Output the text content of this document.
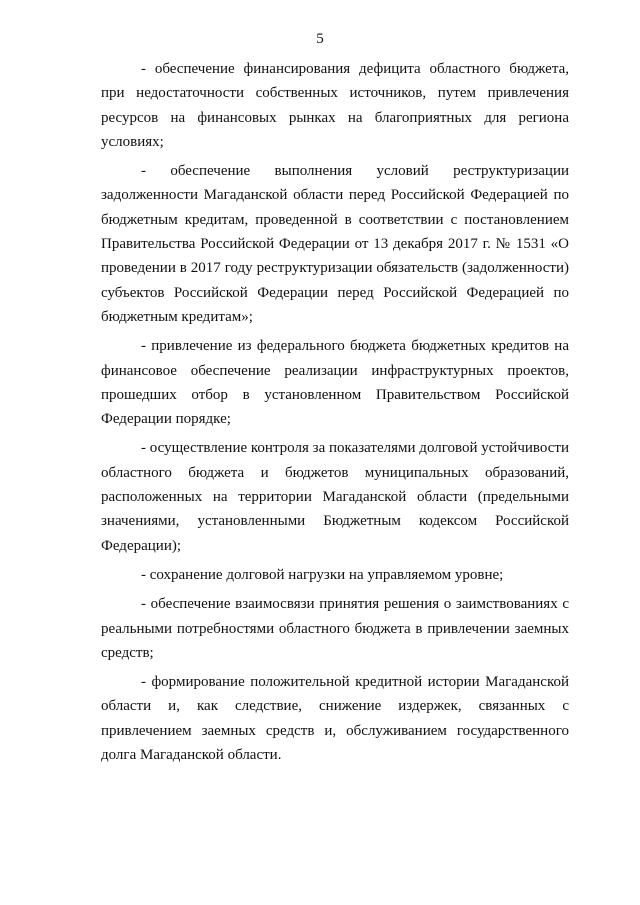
5

- обеспечение финансирования дефицита областного бюджета, при недостаточности собственных источников, путем привлечения ресурсов на финансовых рынках на благоприятных для региона условиях;

- обеспечение выполнения условий реструктуризации задолженности Магаданской области перед Российской Федерацией по бюджетным кредитам, проведенной в соответствии с постановлением Правительства Российской Федерации от 13 декабря 2017 г. № 1531 «О проведении в 2017 году реструктуризации обязательств (задолженности) субъектов Российской Федерации перед Российской Федерацией по бюджетным кредитам»;

- привлечение из федерального бюджета бюджетных кредитов на финансовое обеспечение реализации инфраструктурных проектов, прошедших отбор в установленном Правительством Российской Федерации порядке;

- осуществление контроля за показателями долговой устойчивости областного бюджета и бюджетов муниципальных образований, расположенных на территории Магаданской области (предельными значениями, установленными Бюджетным кодексом Российской Федерации);

- сохранение долговой нагрузки на управляемом уровне;

- обеспечение взаимосвязи принятия решения о заимствованиях с реальными потребностями областного бюджета в привлечении заемных средств;

- формирование положительной кредитной истории Магаданской области и, как следствие, снижение издержек, связанных с привлечением заемных средств и, обслуживанием государственного долга Магаданской области.
